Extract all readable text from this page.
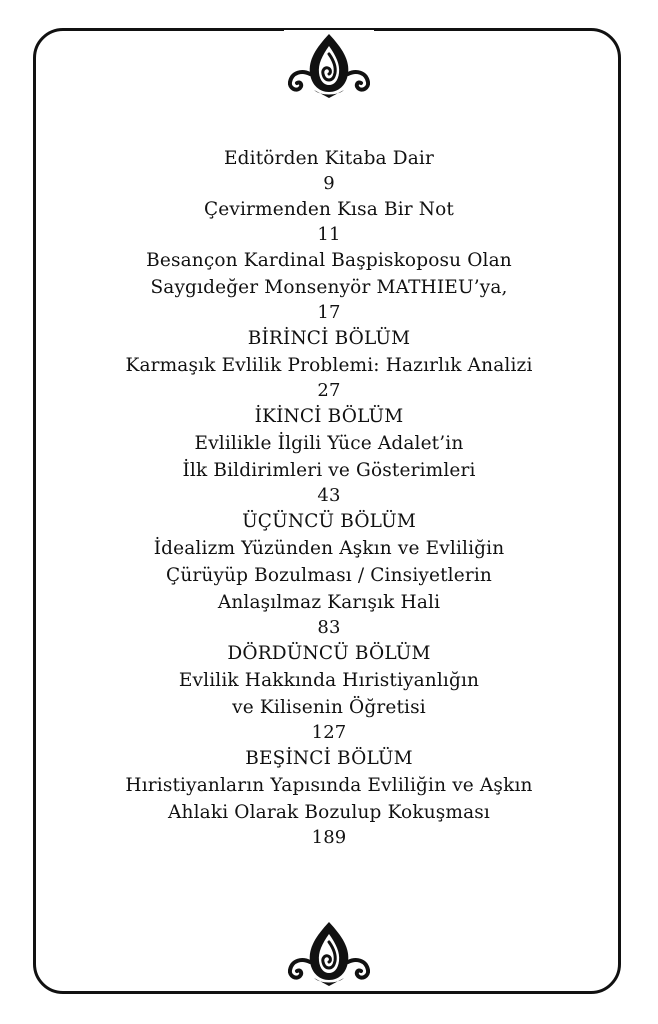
Editörden Kitaba Dair
9
Çevirmenden Kısa Bir Not
11
Besançon Kardinal Başpiskoposu Olan
Saygıdeğer Monsenyör MATHIEU’ya,
17
BİRİNCİ BÖLÜM
Karmaşık Evlilik Problemi: Hazırlık Analizi
27
İKİNCİ BÖLÜM
Evlilikle İlgili Yüce Adalet’in
İlk Bildirimleri ve Gösterimleri
43
ÜÇÜNCÜ BÖLÜM
İdealizm Yüzünden Aşkın ve Evliliğin
Çürüyüp Bozulması / Cinsiyetlerin
Anlaşılmaz Karışık Hali
83
DÖRDÜNCÜ BÖLÜM
Evlilik Hakkında Hıristiyanlığın
ve Kilisenin Öğretisi
127
BEŞİNCİ BÖLÜM
Hıristiyanların Yapısında Evliliğin ve Aşkın
Ahlaki Olarak Bozulup Kokuşması
189
